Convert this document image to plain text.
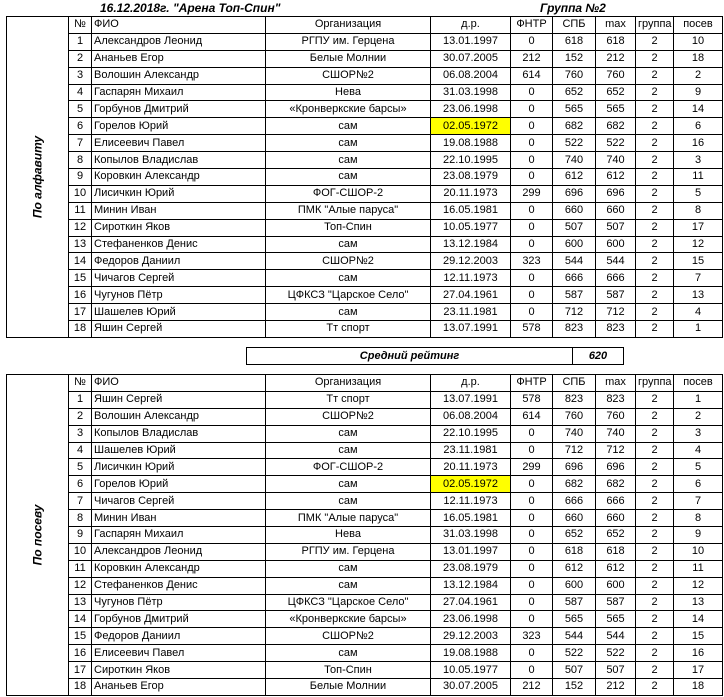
16.12.2018г. "Арена Топ-Спин"	Группа №2
По алфавиту	№	ФИО	Организация	д.р.	ФНТР	СПБ	max	группа	посев
	1	Александров Леонид	РГПУ им. Герцена	13.01.1997	0	618	618	2	10
	2	Ананьев Егор	Белые Молнии	30.07.2005	212	152	212	2	18
	3	Волошин Александр	СШОР№2	06.08.2004	614	760	760	2	2
	4	Гаспарян Михаил	Нева	31.03.1998	0	652	652	2	9
	5	Горбунов Дмитрий	«Кронверкские барсы»	23.06.1998	0	565	565	2	14
	6	Горелов Юрий	сам	02.05.1972	0	682	682	2	6
	7	Елисеевич Павел	сам	19.08.1988	0	522	522	2	16
	8	Копылов Владислав	сам	22.10.1995	0	740	740	2	3
	9	Коровкин Александр	сам	23.08.1979	0	612	612	2	11
	10	Лисичкин Юрий	ФОГ-СШОР-2	20.11.1973	299	696	696	2	5
	11	Минин Иван	ПМК "Алые паруса"	16.05.1981	0	660	660	2	8
	12	Сироткин Яков	Топ-Спин	10.05.1977	0	507	507	2	17
	13	Стефаненков Денис	сам	13.12.1984	0	600	600	2	12
	14	Федоров Даниил	СШОР№2	29.12.2003	323	544	544	2	15
	15	Чичагов Сергей	сам	12.11.1973	0	666	666	2	7
	16	Чугунов Пётр	ЦФКСЗ "Царское Село"	27.04.1961	0	587	587	2	13
	17	Шашелев Юрий	сам	23.11.1981	0	712	712	2	4
	18	Яшин Сергей	Тт спорт	13.07.1991	578	823	823	2	1
Средний рейтинг	620
По посеву	№	ФИО	Организация	д.р.	ФНТР	СПБ	max	группа	посев
	1	Яшин Сергей	Тт спорт	13.07.1991	578	823	823	2	1
	2	Волошин Александр	СШОР№2	06.08.2004	614	760	760	2	2
	3	Копылов Владислав	сам	22.10.1995	0	740	740	2	3
	4	Шашелев Юрий	сам	23.11.1981	0	712	712	2	4
	5	Лисичкин Юрий	ФОГ-СШОР-2	20.11.1973	299	696	696	2	5
	6	Горелов Юрий	сам	02.05.1972	0	682	682	2	6
	7	Чичагов Сергей	сам	12.11.1973	0	666	666	2	7
	8	Минин Иван	ПМК "Алые паруса"	16.05.1981	0	660	660	2	8
	9	Гаспарян Михаил	Нева	31.03.1998	0	652	652	2	9
	10	Александров Леонид	РГПУ им. Герцена	13.01.1997	0	618	618	2	10
	11	Коровкин Александр	сам	23.08.1979	0	612	612	2	11
	12	Стефаненков Денис	сам	13.12.1984	0	600	600	2	12
	13	Чугунов Пётр	ЦФКСЗ "Царское Село"	27.04.1961	0	587	587	2	13
	14	Горбунов Дмитрий	«Кронверкские барсы»	23.06.1998	0	565	565	2	14
	15	Федоров Даниил	СШОР№2	29.12.2003	323	544	544	2	15
	16	Елисеевич Павел	сам	19.08.1988	0	522	522	2	16
	17	Сироткин Яков	Топ-Спин	10.05.1977	0	507	507	2	17
	18	Ананьев Егор	Белые Молнии	30.07.2005	212	152	212	2	18
